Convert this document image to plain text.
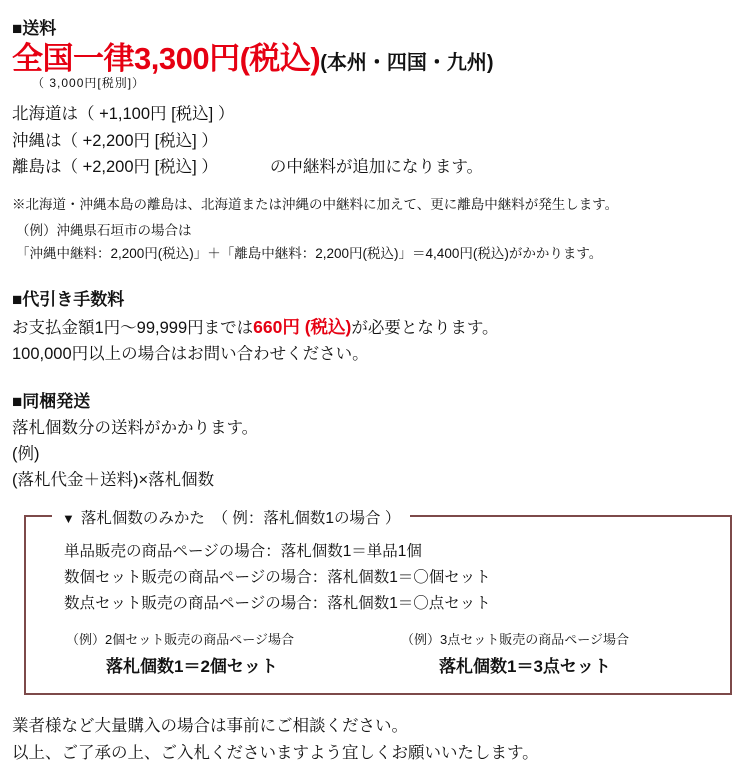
■送料
全国一律3,300円(税込)(本州・四国・九州)
（ 3,000円[税別]）
北海道は（ +1,100円 [税込] ）
沖縄は（ +2,200円 [税込] ）
離島は（ +2,200円 [税込] ）	の中継料が追加になります。
※北海道・沖縄本島の離島は、北海道または沖縄の中継料に加えて、更に離島中継料が発生します。
（例）沖縄県石垣市の場合は
「沖縄中継料：2,200円(税込)」＋「離島中継料：2,200円(税込)」＝4,400円(税込)がかかります。
■代引き手数料
お支払金額1円～99,999円までは660円 (税込)が必要となります。
100,000円以上の場合はお問い合わせください。
■同梱発送
落札個数分の送料がかかります。
(例)
(落札代金＋送料)×落札個数
▼ 落札個数のみかた　（ 例：落札個数1の場合 ）
単品販売の商品ページの場合：落札個数1＝単品1個
数個セット販売の商品ページの場合：落札個数1＝〇個セット
数点セット販売の商品ページの場合：落札個数1＝〇点セット
（例）2個セット販売の商品ページ場合
落札個数1＝2個セット
（例）3点セット販売の商品ページ場合
落札個数1＝3点セット
業者様など大量購入の場合は事前にご相談ください。
以上、ご了承の上、ご入札くださいますよう宜しくお願いいたします。
